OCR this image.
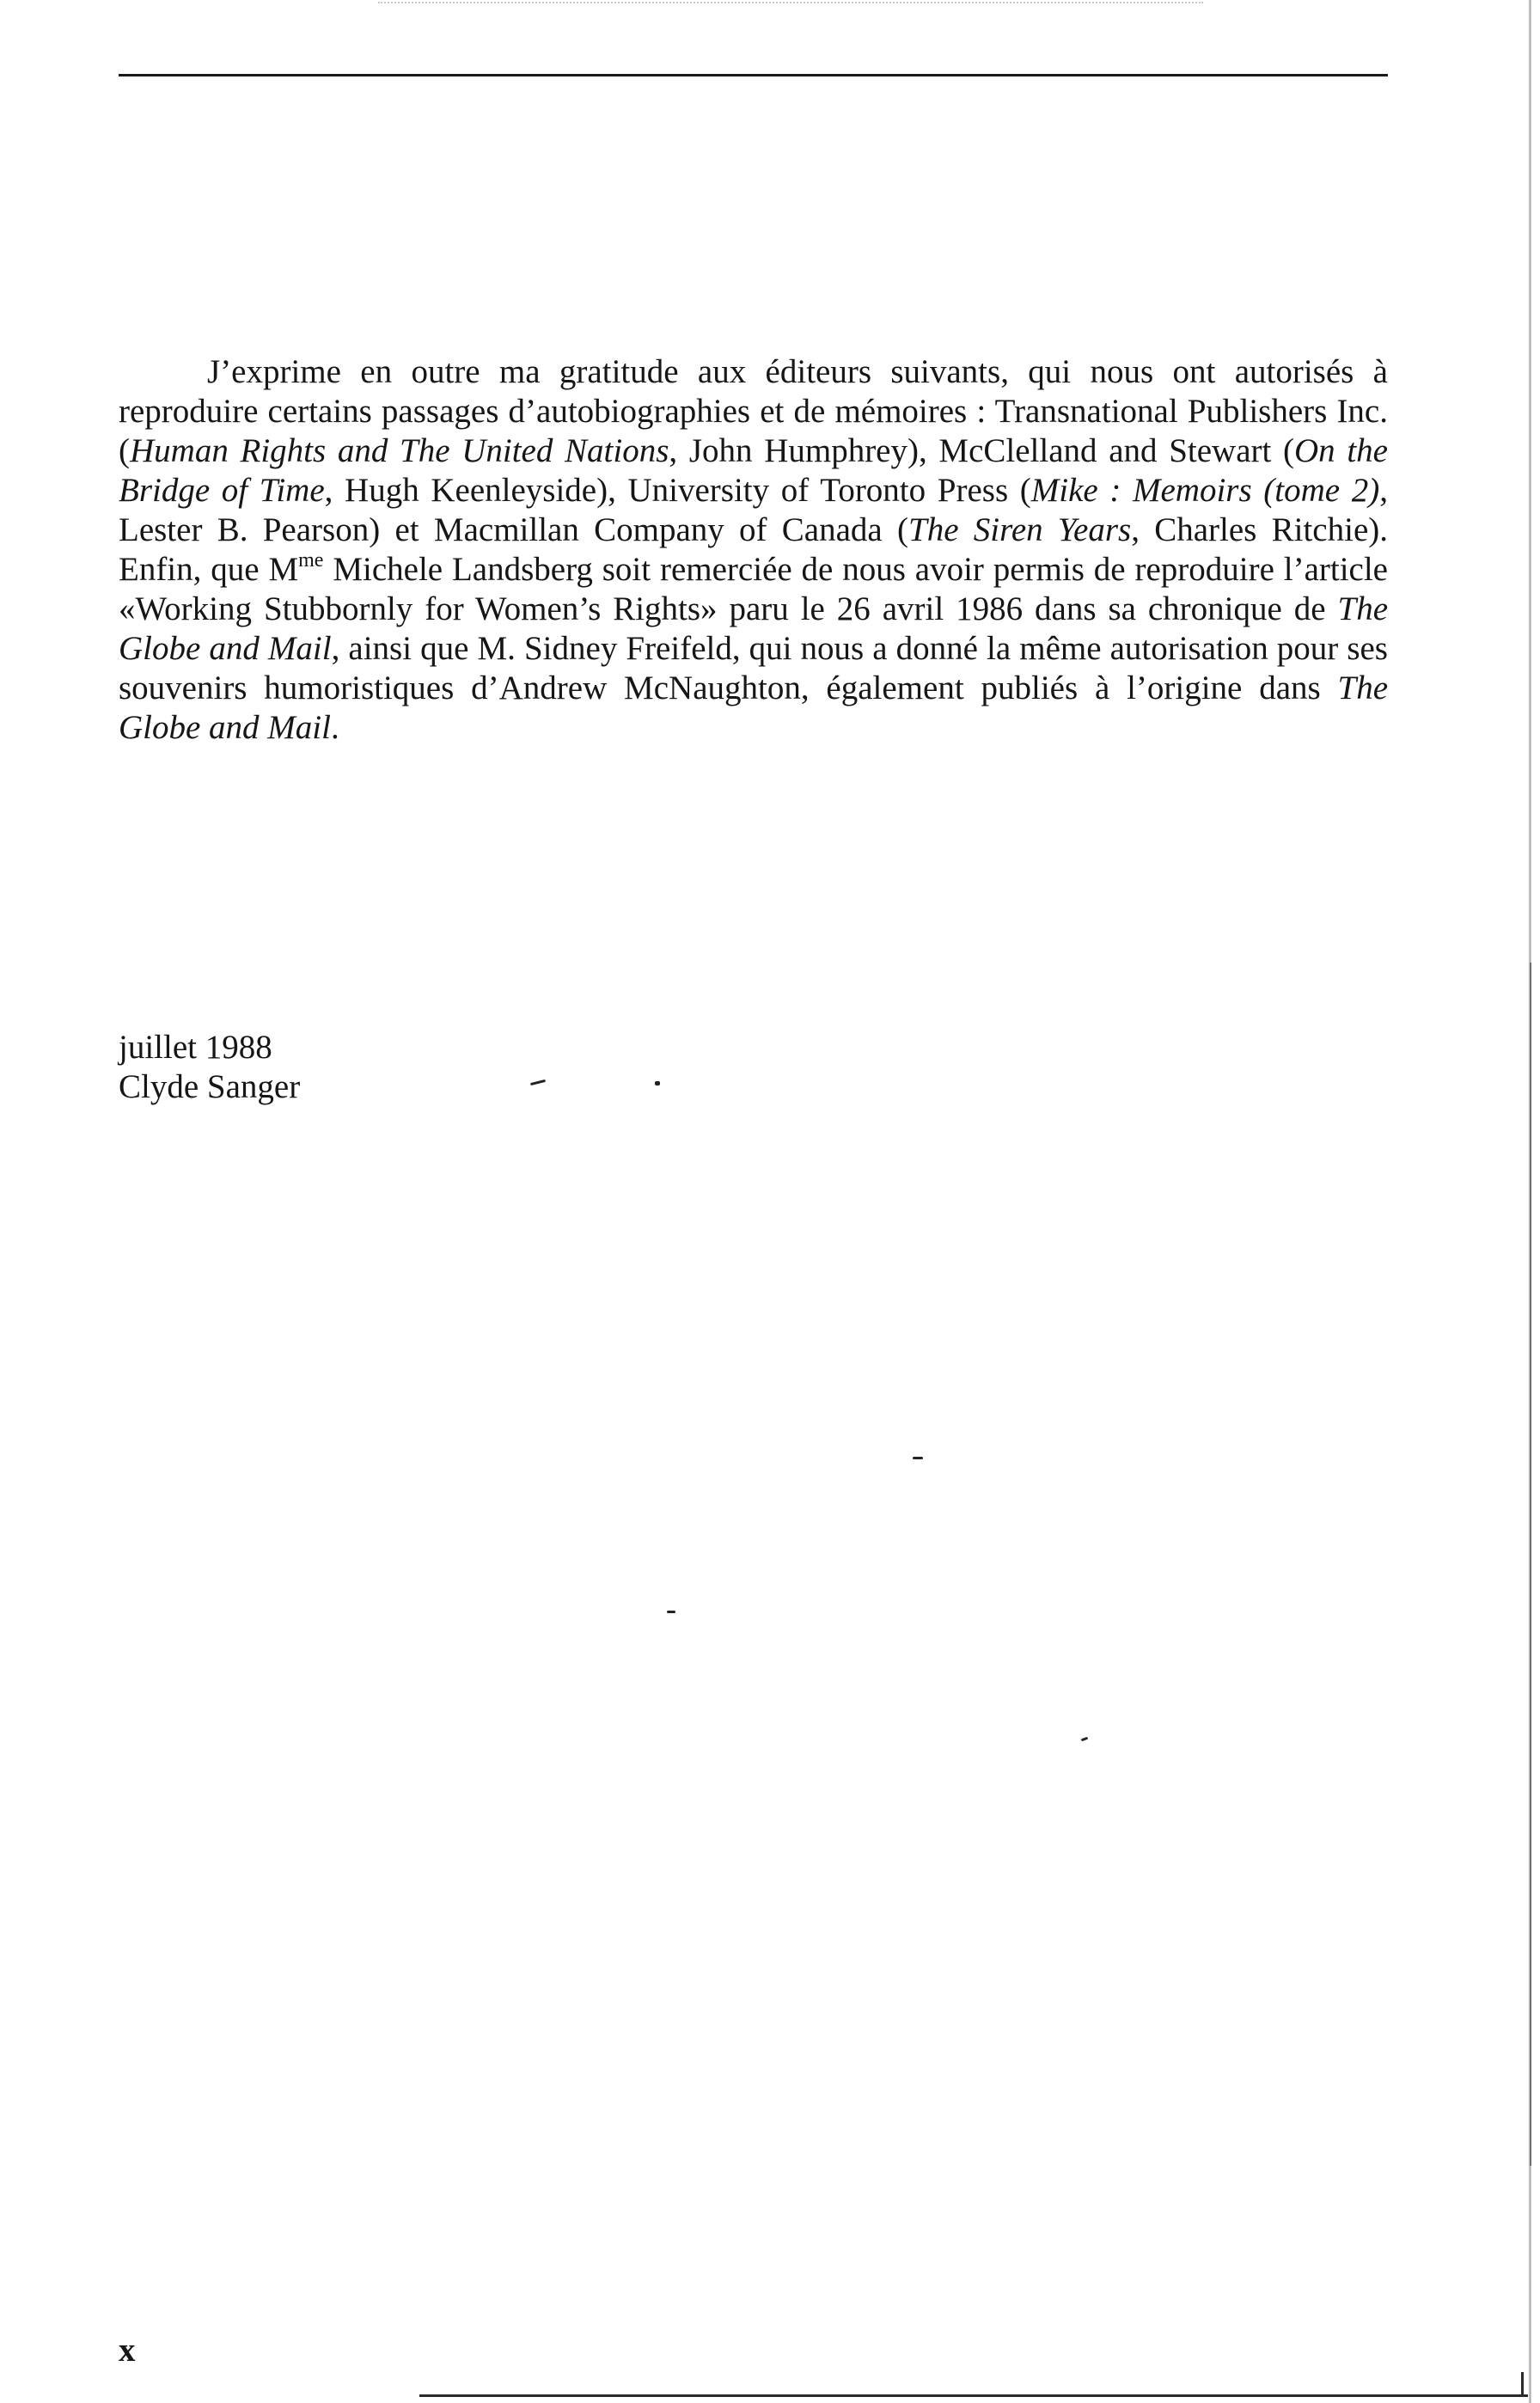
J’exprime en outre ma gratitude aux éditeurs suivants, qui nous ont autorisés à reproduire certains passages d’autobiographies et de mémoires : Transnational Publishers Inc. (Human Rights and The United Nations, John Humphrey), McClelland and Stewart (On the Bridge of Time, Hugh Keenleyside), University of Toronto Press (Mike : Memoirs (tome 2), Lester B. Pearson) et Macmillan Company of Canada (The Siren Years, Charles Ritchie). Enfin, que $M^{me}$ Michele Landsberg soit remerciée de nous avoir permis de reproduire l’article «Working Stubbornly for Women’s Rights» paru le 26 avril 1986 dans sa chronique de The Globe and Mail, ainsi que M. Sidney Freifeld, qui nous a donné la même autorisation pour ses souvenirs humoristiques d’Andrew McNaughton, également publiés à l’origine dans The Globe and Mail.

juillet 1988

Clyde Sanger

x
